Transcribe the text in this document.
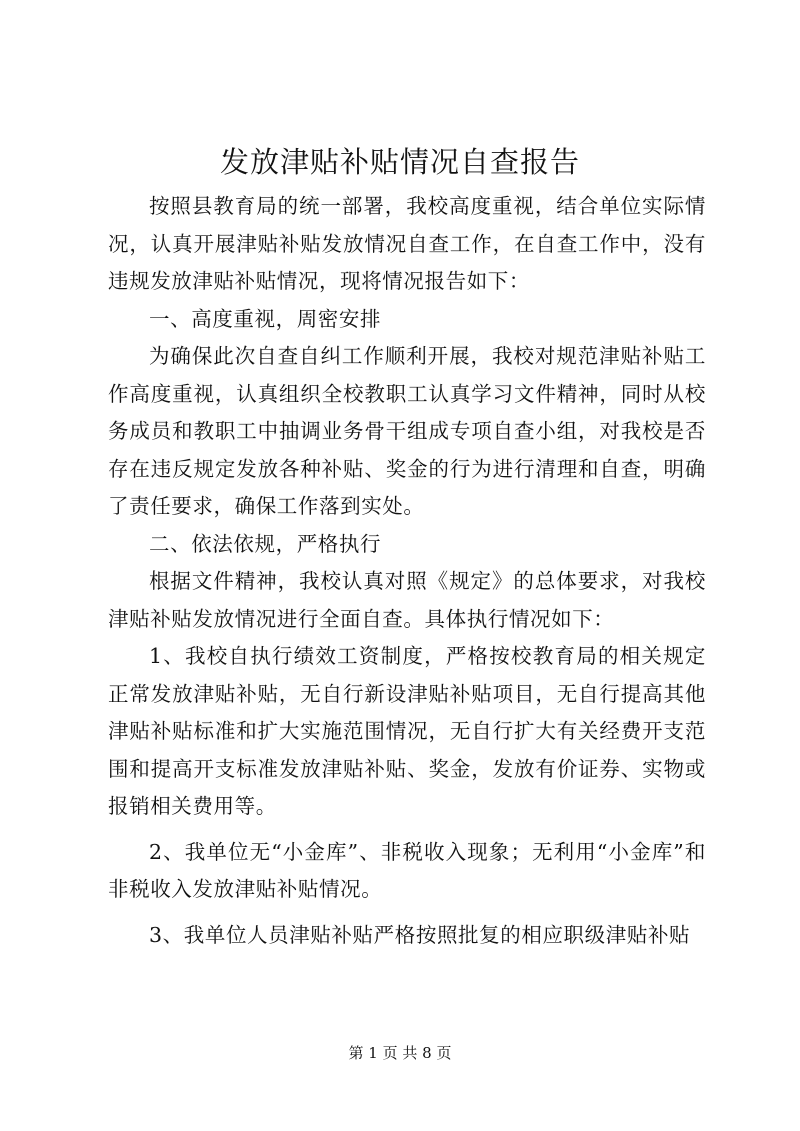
发放津贴补贴情况自查报告

按照县教育局的统一部署，我校高度重视，结合单位实际情况，认真开展津贴补贴发放情况自查工作，在自查工作中，没有违规发放津贴补贴情况，现将情况报告如下：

一、高度重视，周密安排

为确保此次自查自纠工作顺利开展，我校对规范津贴补贴工作高度重视，认真组织全校教职工认真学习文件精神，同时从校务成员和教职工中抽调业务骨干组成专项自查小组，对我校是否存在违反规定发放各种补贴、奖金的行为进行清理和自查，明确了责任要求，确保工作落到实处。

二、依法依规，严格执行

根据文件精神，我校认真对照《规定》的总体要求，对我校津贴补贴发放情况进行全面自查。具体执行情况如下：

1、我校自执行绩效工资制度，严格按校教育局的相关规定正常发放津贴补贴，无自行新设津贴补贴项目，无自行提高其他津贴补贴标准和扩大实施范围情况，无自行扩大有关经费开支范围和提高开支标准发放津贴补贴、奖金，发放有价证券、实物或报销相关费用等。

2、我单位无“小金库”、非税收入现象；无利用“小金库”和非税收入发放津贴补贴情况。

3、我单位人员津贴补贴严格按照批复的相应职级津贴补贴

第 1 页 共 8 页
